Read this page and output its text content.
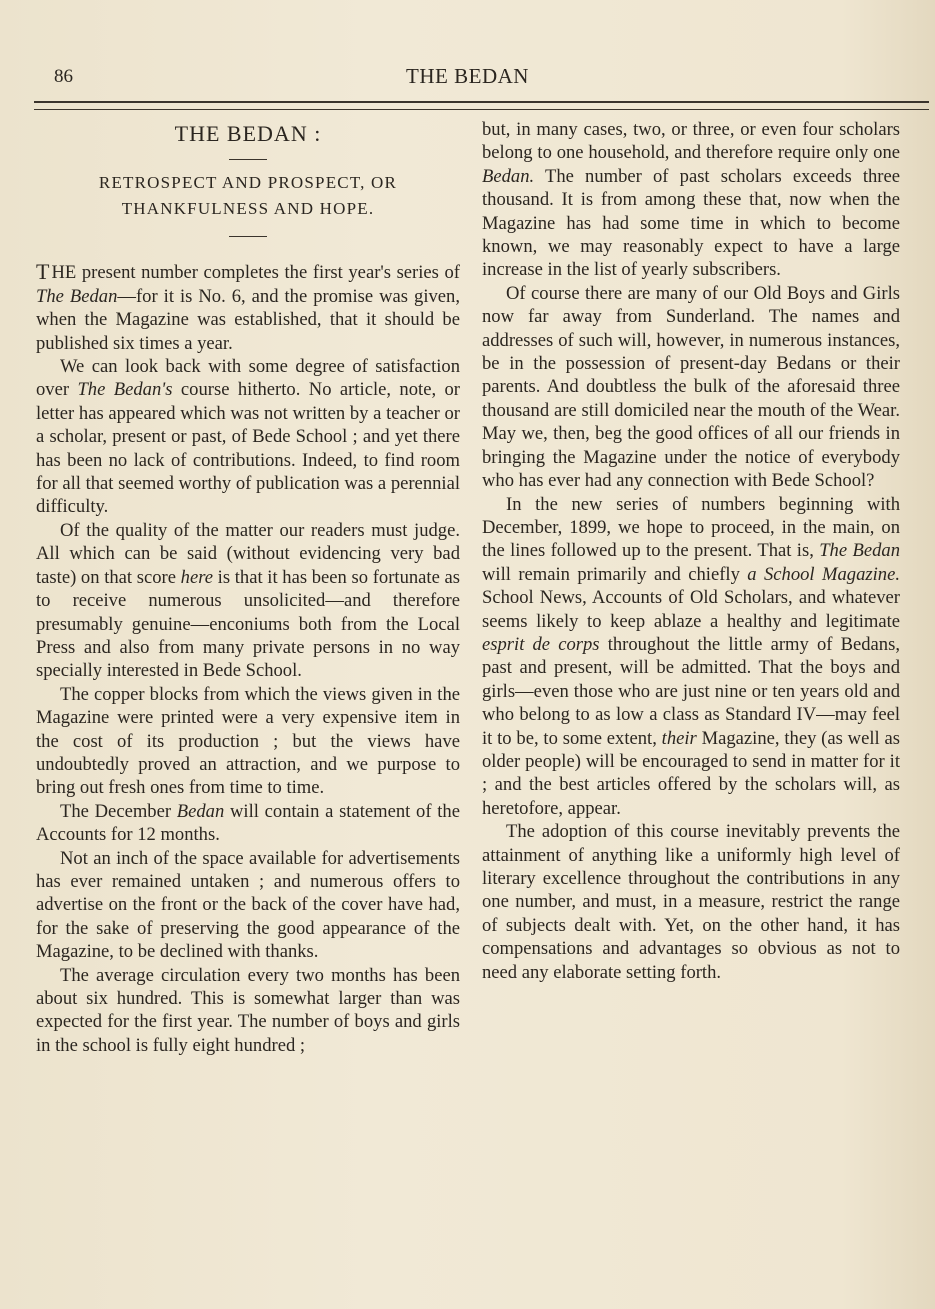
86	THE BEDAN
THE BEDAN :
RETROSPECT AND PROSPECT, OR
THANKFULNESS AND HOPE.

T HE present number completes the first year's series of The Bedan—for it is No. 6, and the promise was given, when the Magazine was established, that it should be published six times a year.

We can look back with some degree of satisfaction over The Bedan's course hitherto. No article, note, or letter has appeared which was not written by a teacher or a scholar, present or past, of Bede School ; and yet there has been no lack of contributions. Indeed, to find room for all that seemed worthy of publication was a perennial difficulty.

Of the quality of the matter our readers must judge. All which can be said (without evidencing very bad taste) on that score here is that it has been so fortunate as to receive numerous unsolicited—and therefore presumably genuine—enconiums both from the Local Press and also from many private persons in no way specially interested in Bede School.

The copper blocks from which the views given in the Magazine were printed were a very expensive item in the cost of its production ; but the views have undoubtedly proved an attraction, and we purpose to bring out fresh ones from time to time.

The December Bedan will contain a statement of the Accounts for 12 months.

Not an inch of the space available for advertisements has ever remained untaken ; and numerous offers to advertise on the front or the back of the cover have had, for the sake of preserving the good appearance of the Magazine, to be declined with thanks.

The average circulation every two months has been about six hundred. This is somewhat larger than was expected for the first year. The number of boys and girls in the school is fully eight hundred ;

but, in many cases, two, or three, or even four scholars belong to one household, and therefore require only one Bedan. The number of past scholars exceeds three thousand. It is from among these that, now when the Magazine has had some time in which to become known, we may reasonably expect to have a large increase in the list of yearly subscribers.

Of course there are many of our Old Boys and Girls now far away from Sunderland. The names and addresses of such will, however, in numerous instances, be in the possession of present-day Bedans or their parents. And doubtless the bulk of the aforesaid three thousand are still domiciled near the mouth of the Wear. May we, then, beg the good offices of all our friends in bringing the Magazine under the notice of everybody who has ever had any connection with Bede School?

In the new series of numbers beginning with December, 1899, we hope to proceed, in the main, on the lines followed up to the present. That is, The Bedan will remain primarily and chiefly a School Magazine. School News, Accounts of Old Scholars, and whatever seems likely to keep ablaze a healthy and legitimate esprit de corps throughout the little army of Bedans, past and present, will be admitted. That the boys and girls—even those who are just nine or ten years old and who belong to as low a class as Standard IV—may feel it to be, to some extent, their Magazine, they (as well as older people) will be encouraged to send in matter for it ; and the best articles offered by the scholars will, as heretofore, appear.

The adoption of this course inevitably prevents the attainment of anything like a uniformly high level of literary excellence throughout the contributions in any one number, and must, in a measure, restrict the range of subjects dealt with. Yet, on the other hand, it has compensations and advantages so obvious as not to need any elaborate setting forth.
